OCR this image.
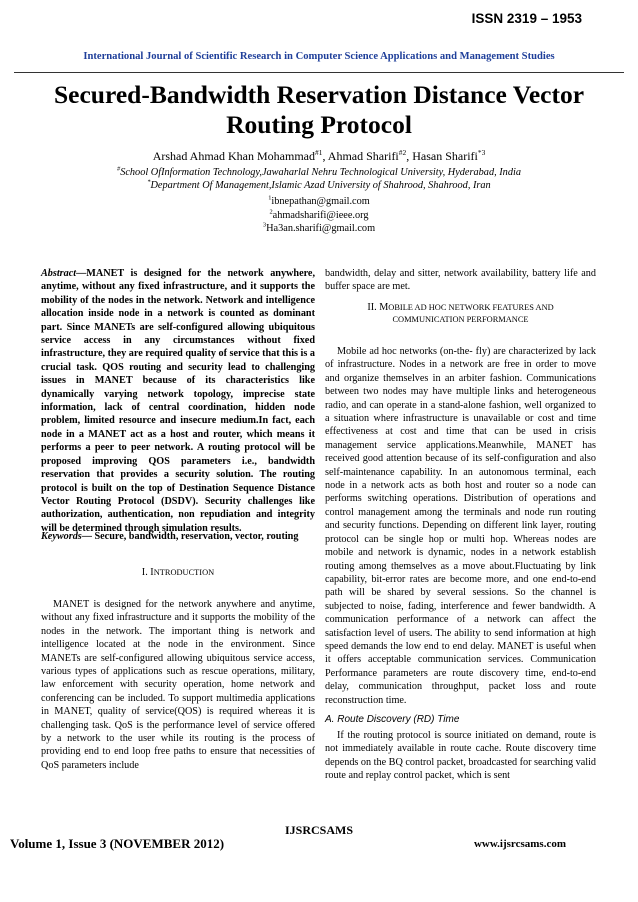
ISSN 2319 – 1953
International Journal of Scientific Research in Computer Science Applications and Management Studies
Secured-Bandwidth Reservation Distance Vector
Routing Protocol
Arshad Ahmad Khan Mohammad$^{\#1}$, Ahmad Sharifi$^{\#2}$, Hasan Sharifi$^{*3}$
#School OfInformation Technology,Jawaharlal Nehru Technological University, Hyderabad, India
*Department Of Management,Islamic Azad University of Shahrood, Shahrood, Iran
$^1$ibnepathan@gmail.com
$^2$ahmadsharifi@ieee.org
$^3$Ha3an.sharifi@gmail.com
Abstract—MANET is designed for the network anywhere, anytime, without any fixed infrastructure, and it supports the mobility of the nodes in the network. Network and intelligence allocation inside node in a network is counted as dominant part. Since MANETs are self-configured allowing ubiquitous service access in any circumstances without fixed infrastructure, they are required quality of service that this is a crucial task. QOS routing and security lead to challenging issues in MANET because of its characteristics like dynamically varying network topology, imprecise state information, lack of central coordination, hidden node problem, limited resource and insecure medium.In fact, each node in a MANET act as a host and router, which means it performs a peer to peer network. A routing protocol will be proposed improving QOS parameters i.e., bandwidth reservation that provides a security solution. The routing protocol is built on the top of Destination Sequence Distance Vector Routing Protocol (DSDV). Security challenges like authorization, authentication, non repudiation and integrity will be determined through simulation results.
Keywords— Secure, bandwidth, reservation, vector, routing
I. INTRODUCTION

MANET is designed for the network anywhere and anytime, without any fixed infrastructure and it supports the mobility of the nodes in the network. The important thing is network and intelligence located at the node in the environment. Since MANETs are self-configured allowing ubiquitous service access, various types of applications such as rescue operations, military, law enforcement with security operation, home network and conferencing can be included. To support multimedia applications in MANET, quality of service(QOS) is required whereas it is challenging task. QoS is the performance level of service offered by a network to the user while its routing is the process of providing end to end loop free paths to ensure that necessities of QoS parameters include

bandwidth, delay and sitter, network availability, battery life and buffer space are met.
II. MOBILE AD HOC NETWORK FEATURES AND
COMMUNICATION PERFORMANCE

Mobile ad hoc networks (on-the- fly) are characterized by lack of infrastructure. Nodes in a network are free in order to move and organize themselves in an arbiter fashion. Communications between two nodes may have multiple links and heterogeneous radio, and can operate in a stand-alone fashion, well organized to a situation where infrastructure is unavailable or cost and time effectiveness at cost and time that can be used in crisis management service applications.Meanwhile, MANET has received good attention because of its self-configuration and also self-maintenance capability. In an autonomous terminal, each node in a network acts as both host and router so a node can performs switching operations. Distribution of operations and control management among the terminals and node run routing and security functions. Depending on different link layer, routing protocol can be single hop or multi hop. Whereas nodes are mobile and network is dynamic, nodes in a network establish routing among themselves as a move about.Fluctuating by link capability, bit-error rates are become more, and one end-to-end path will be shared by several sessions. So the channel is subjected to noise, fading, interference and fewer bandwidth. A communication performance of a network can affect the satisfaction level of users. The ability to send information at high speed demands the low end to end delay. MANET is useful when it offers acceptable communication services. Communication Performance parameters are route discovery time, end-to-end delay, communication throughput, packet loss and route reconstruction time.

A. Route Discovery (RD) Time

If the routing protocol is source initiated on demand, route is not immediately available in route cache. Route discovery time depends on the BQ control packet, broadcasted for searching valid route and replay control packet, which is sent

IJSRCSAMS
Volume 1, Issue 3 (NOVEMBER 2012)	www.ijsrcsams.com
